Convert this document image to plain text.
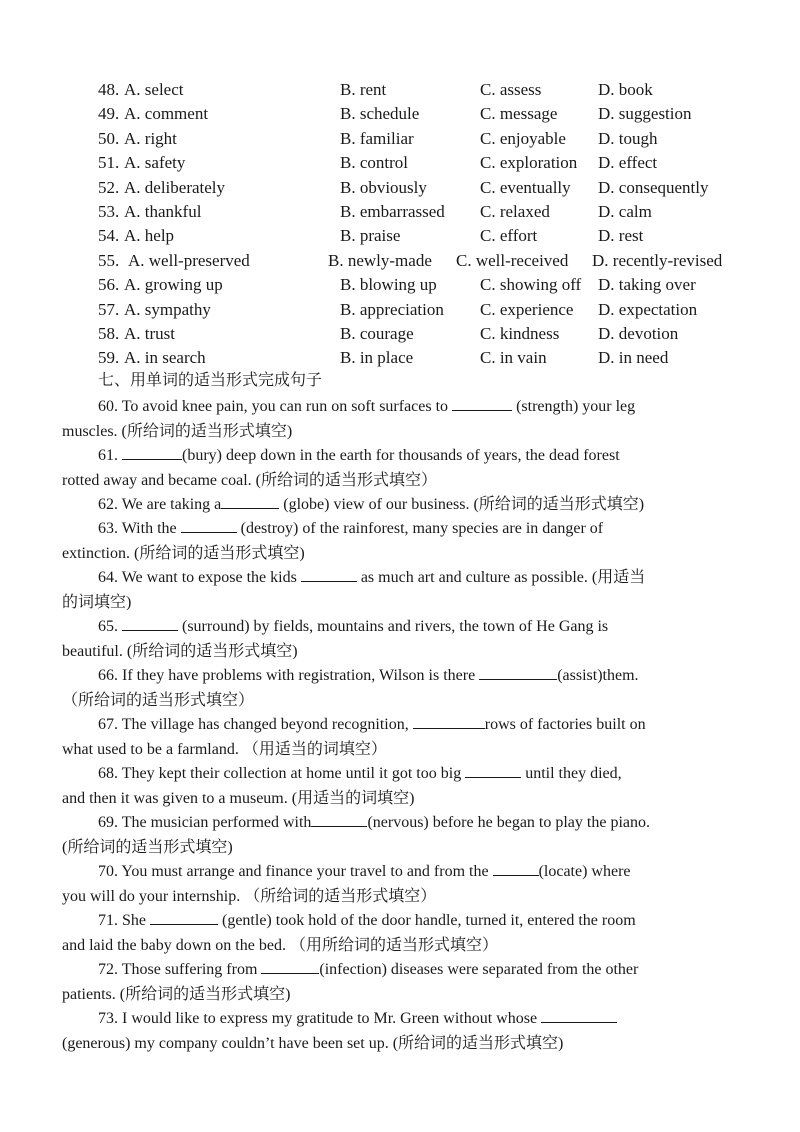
48. A. select	B. rent	C. assess	D. book
49. A. comment	B. schedule	C. message D. suggestion
50. A. right	B. familiar	C. enjoyable D. tough
51. A. safety	B. control	C. exploration D. effect
52. A. deliberately	B. obviously	C. eventually D. consequently
53. A. thankful	B. embarrassed C. relaxed	D. calm
54. A. help	B. praise	C. effort	D. rest
55. A. well-preserved	B. newly-made C. well-received D. recently-revised
56. A. growing up	B. blowing up	C. showing off D. taking over
57. A. sympathy	B. appreciation C. experience D. expectation
58. A. trust	B. courage	C. kindness D. devotion
59. A. in search	B. in place	C. in vain	D. in need
七、用单词的适当形式完成句子
60. To avoid knee pain, you can run on soft surfaces to	(strength) your leg
muscles. (所给词的适当形式填空)
61.	(bury) deep down in the earth for thousands of years, the dead forest
rotted away and became coal. (所给词的适当形式填空）
62. We are taking a	(globe) view of our business. (所给词的适当形式填空)
63. With the	(destroy) of the rainforest, many species are in danger of
extinction. (所给词的适当形式填空)
64. We want to expose the kids	as much art and culture as possible. (用适当
的词填空)
65.	(surround) by fields, mountains and rivers, the town of He Gang is
beautiful. (所给词的适当形式填空)
66. If they have problems with registration, Wilson is there	(assist)them.
（所给词的适当形式填空）
67. The village has changed beyond recognition,	rows of factories built on
what used to be a farmland. （用适当的词填空）
68. They kept their collection at home until it got too big	until they died,
and then it was given to a museum. (用适当的词填空)
69. The musician performed with	(nervous) before he began to play the piano.
(所给词的适当形式填空)
70. You must arrange and finance your travel to and from the	(locate) where
you will do your internship. （所给词的适当形式填空）
71. She	(gentle) took hold of the door handle, turned it, entered the room
and laid the baby down on the bed. （用所给词的适当形式填空）
72. Those suffering from	(infection) diseases were separated from the other
patients. (所给词的适当形式填空)
73. I would like to express my gratitude to Mr. Green without whose
(generous) my company couldn’t have been set up. (所给词的适当形式填空)
